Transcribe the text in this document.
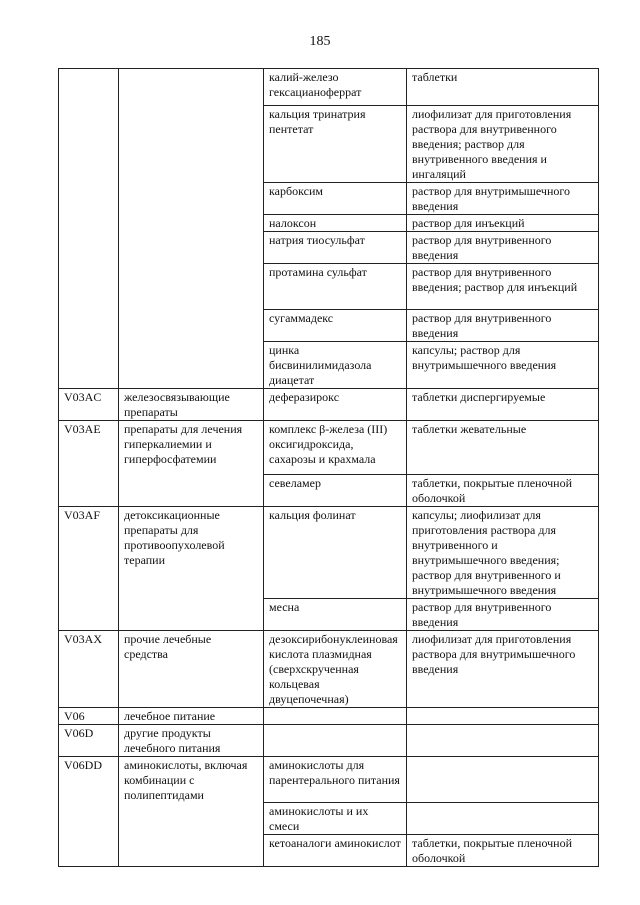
185
		калий-железо гексацианоферрат	таблетки
		кальция тринатрия пентетат	лиофилизат для приготовления раствора для внутривенного введения; раствор для внутривенного введения и ингаляций
		карбоксим	раствор для внутримышечного введения
		налоксон	раствор для инъекций
		натрия тиосульфат	раствор для внутривенного введения
		протамина сульфат	раствор для внутривенного введения; раствор для инъекций
		сугаммадекс	раствор для внутривенного введения
		цинка бисвинилимидазола диацетат	капсулы; раствор для внутримышечного введения
V03AC	железосвязывающие препараты	деферазирокс	таблетки диспергируемые
V03AE	препараты для лечения гиперкалиемии и гиперфосфатемии	комплекс β-железа (III) оксигидроксида, сахарозы и крахмала	таблетки жевательные
		севеламер	таблетки, покрытые пленочной оболочкой
V03AF	детоксикационные препараты для противоопухолевой терапии	кальция фолинат	капсулы; лиофилизат для приготовления раствора для внутривенного и внутримышечного введения; раствор для внутривенного и внутримышечного введения
		месна	раствор для внутривенного введения
V03AX	прочие лечебные средства	дезоксирибонуклеиновая кислота плазмидная (сверхскрученная кольцевая двуцепочечная)	лиофилизат для приготовления раствора для внутримышечного введения
V06	лечебное питание		
V06D	другие продукты лечебного питания		
V06DD	аминокислоты, включая комбинации с полипептидами	аминокислоты для парентерального питания	
		аминокислоты и их смеси	
		кетоаналоги аминокислот	таблетки, покрытые пленочной оболочкой
